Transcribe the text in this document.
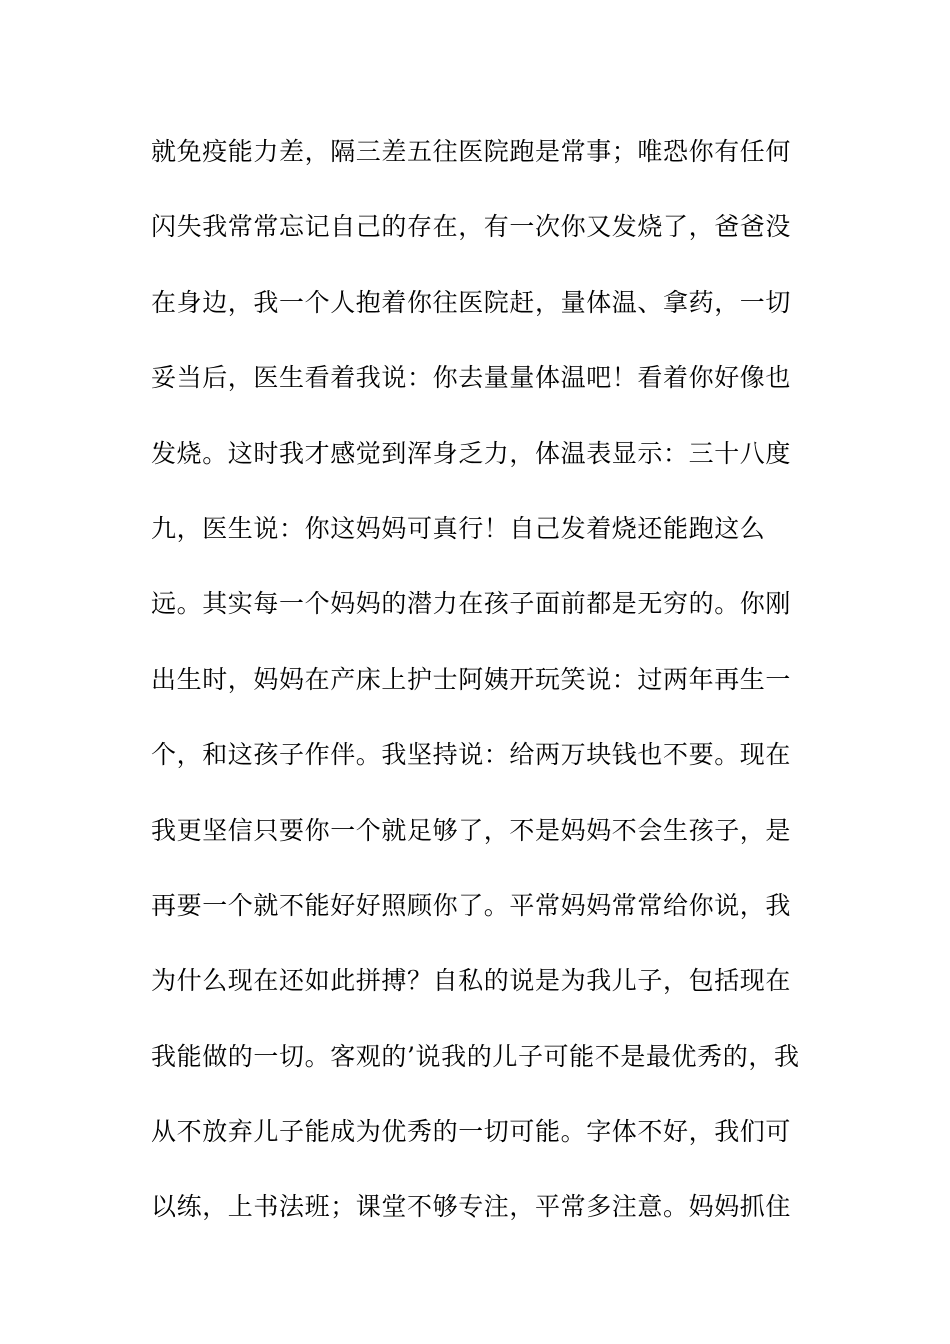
就免疫能力差，隔三差五往医院跑是常事；唯恐你有任何
闪失我常常忘记自己的存在，有一次你又发烧了，爸爸没
在身边，我一个人抱着你往医院赶，量体温、拿药，一切
妥当后，医生看着我说：你去量量体温吧！看着你好像也
发烧。这时我才感觉到浑身乏力，体温表显示：三十八度
九，医生说：你这妈妈可真行！自己发着烧还能跑这么
远。其实每一个妈妈的潜力在孩子面前都是无穷的。你刚
出生时，妈妈在产床上护士阿姨开玩笑说：过两年再生一
个，和这孩子作伴。我坚持说：给两万块钱也不要。现在
我更坚信只要你一个就足够了，不是妈妈不会生孩子，是
再要一个就不能好好照顾你了。平常妈妈常常给你说，我
为什么现在还如此拼搏？自私的说是为我儿子，包括现在
我能做的一切。客观的’说我的儿子可能不是最优秀的，我
从不放弃儿子能成为优秀的一切可能。字体不好，我们可
以练，上书法班；课堂不够专注，平常多注意。妈妈抓住
